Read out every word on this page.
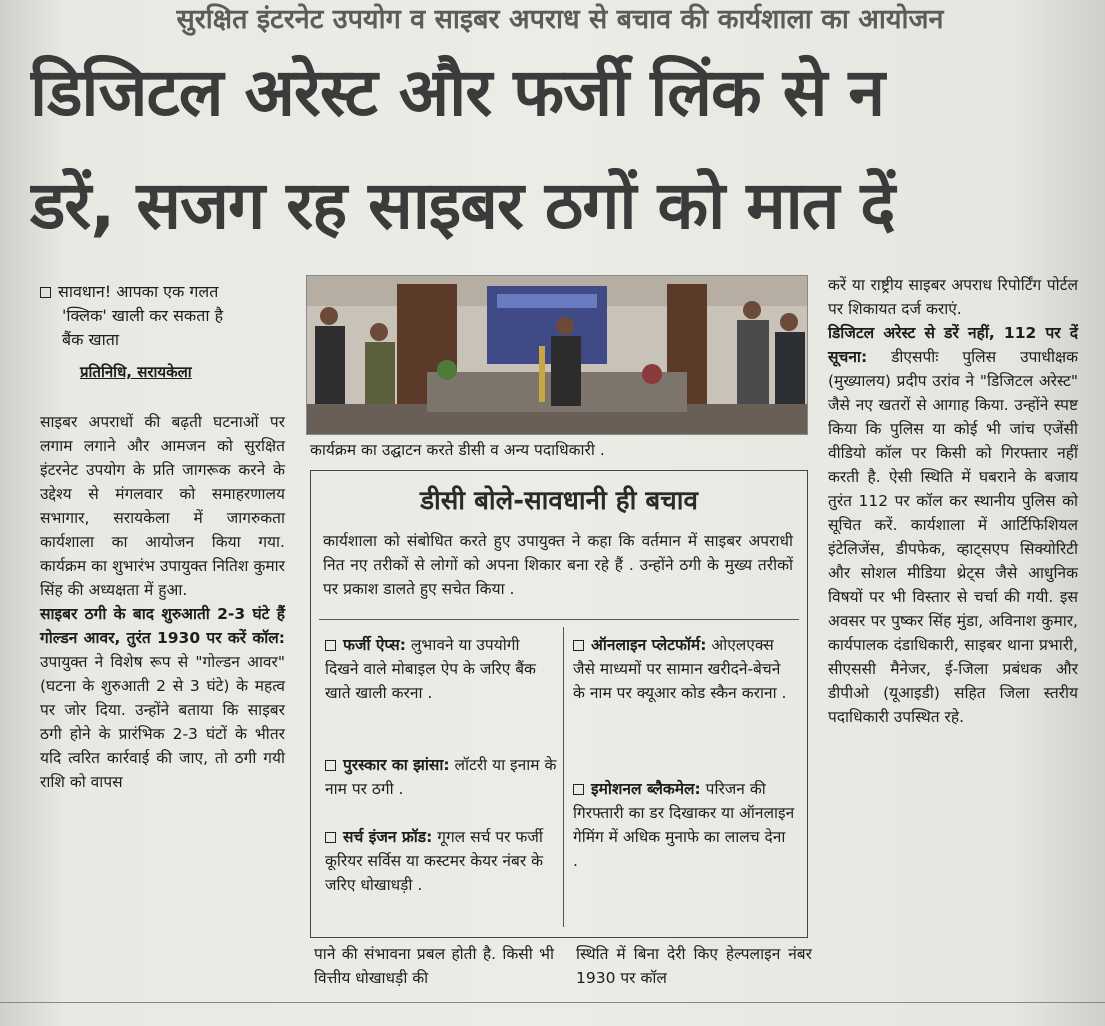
सुरक्षित इंटरनेट उपयोग व साइबर अपराध से बचाव की कार्यशाला का आयोजन
डिजिटल अरेस्ट और फर्जी लिंक से न
डरें, सजग रह साइबर ठगों को मात दें
सावधान! आपका एक गलत
'क्लिक' खाली कर सकता है
बैंक खाता
प्रतिनिधि, सरायकेला
साइबर अपराधों की बढ़ती घटनाओं पर लगाम लगाने और आमजन को सुरक्षित इंटरनेट उपयोग के प्रति जागरूक करने के उद्देश्य से मंगलवार को समाहरणालय सभागार, सरायकेला में जागरुकता कार्यशाला का आयोजन किया गया. कार्यक्रम का शुभारंभ उपायुक्त नितिश कुमार सिंह की अध्यक्षता में हुआ.
साइबर ठगी के बाद शुरुआती 2-3 घंटे हैं गोल्डन आवर, तुरंत 1930 पर करें कॉल: उपायुक्त ने विशेष रूप से "गोल्डन आवर" (घटना के शुरुआती 2 से 3 घंटे) के महत्व पर जोर दिया. उन्होंने बताया कि साइबर ठगी होने के प्रारंभिक 2-3 घंटों के भीतर यदि त्वरित कार्रवाई की जाए, तो ठगी गयी राशि को वापस
कार्यक्रम का उद्घाटन करते डीसी व अन्य पदाधिकारी .
डीसी बोले-सावधानी ही बचाव
कार्यशाला को संबोधित करते हुए उपायुक्त ने कहा कि वर्तमान में साइबर अपराधी नित नए तरीकों से लोगों को अपना शिकार बना रहे हैं . उन्होंने ठगी के मुख्य तरीकों पर प्रकाश डालते हुए सचेत किया .
फर्जी ऐप्स: लुभावने या उपयोगी दिखने वाले मोबाइल ऐप के जरिए बैंक खाते खाली करना .
पुरस्कार का झांसा: लॉटरी या इनाम के नाम पर ठगी .
सर्च इंजन फ्रॉड: गूगल सर्च पर फर्जी कूरियर सर्विस या कस्टमर केयर नंबर के जरिए धोखाधड़ी .
ऑनलाइन प्लेटफॉर्म: ओएलएक्स जैसे माध्यमों पर सामान खरीदने-बेचने के नाम पर क्यूआर कोड स्कैन कराना .
इमोशनल ब्लैकमेल: परिजन की गिरफ्तारी का डर दिखाकर या ऑनलाइन गेमिंग में अधिक मुनाफे का लालच देना .
पाने की संभावना प्रबल होती है. किसी भी वित्तीय धोखाधड़ी की
स्थिति में बिना देरी किए हेल्पलाइन नंबर 1930 पर कॉल
करें या राष्ट्रीय साइबर अपराध रिपोर्टिंग पोर्टल पर शिकायत दर्ज कराएं.
डिजिटल अरेस्ट से डरें नहीं, 112 पर दें सूचना: डीएसपीः पुलिस उपाधीक्षक (मुख्यालय) प्रदीप उरांव ने "डिजिटल अरेस्ट" जैसे नए खतरों से आगाह किया. उन्होंने स्पष्ट किया कि पुलिस या कोई भी जांच एजेंसी वीडियो कॉल पर किसी को गिरफ्तार नहीं करती है. ऐसी स्थिति में घबराने के बजाय तुरंत 112 पर कॉल कर स्थानीय पुलिस को सूचित करें. कार्यशाला में आर्टिफिशियल इंटेलिजेंस, डीपफेक, व्हाट्सएप सिक्योरिटी और सोशल मीडिया थ्रेट्स जैसे आधुनिक विषयों पर भी विस्तार से चर्चा की गयी. इस अवसर पर पुष्कर सिंह मुंडा, अविनाश कुमार, कार्यपालक दंडाधिकारी, साइबर थाना प्रभारी, सीएससी मैनेजर, ई-जिला प्रबंधक और डीपीओ (यूआइडी) सहित जिला स्तरीय पदाधिकारी उपस्थित रहे.
